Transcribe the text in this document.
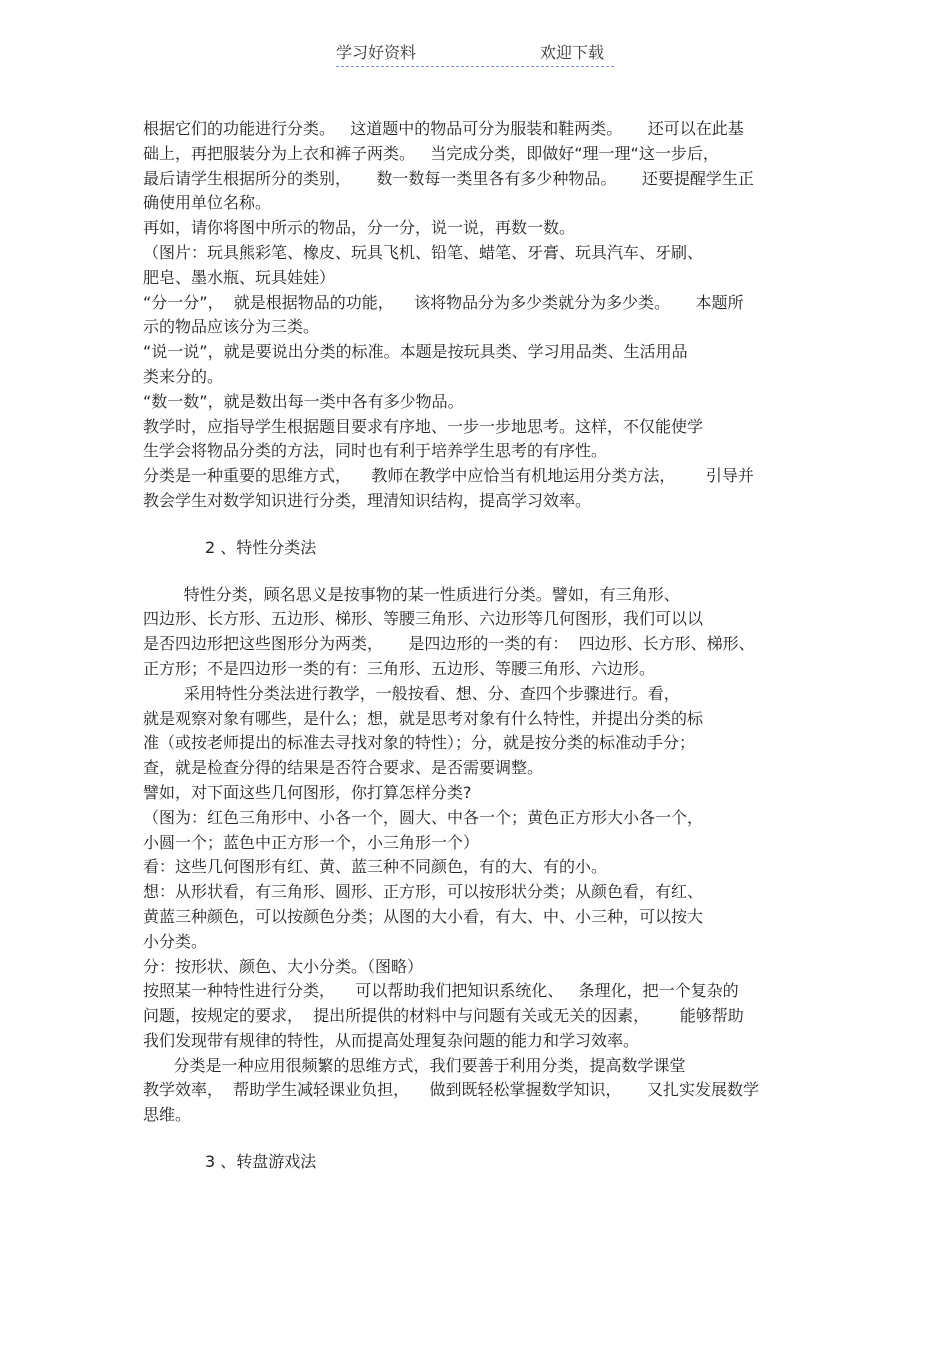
学习好资料	欢迎下载
根据它们的功能进行分类。   这道题中的物品可分为服装和鞋两类。     还可以在此基
础上，再把服装分为上衣和裤子两类。   当完成分类，即做好“理一理“这一步后，
最后请学生根据所分的类别，     数一数每一类里各有多少种物品。     还要提醒学生正
确使用单位名称。
再如，请你将图中所示的物品，分一分，说一说，再数一数。
（图片：玩具熊彩笔、橡皮、玩具飞机、铅笔、蜡笔、牙膏、玩具汽车、牙刷、
肥皂、墨水瓶、玩具娃娃）
“分一分”，  就是根据物品的功能，    该将物品分为多少类就分为多少类。     本题所
示的物品应该分为三类。
“说一说”，就是要说出分类的标准。本题是按玩具类、学习用品类、生活用品
类来分的。
“数一数”，就是数出每一类中各有多少物品。
教学时，应指导学生根据题目要求有序地、一步一步地思考。这样，不仅能使学
生学会将物品分类的方法，同时也有利于培养学生思考的有序性。
分类是一种重要的思维方式，    教师在教学中应恰当有机地运用分类方法，      引导并
教会学生对数学知识进行分类，理清知识结构，提高学习效率。
2 、特性分类法
特性分类，顾名思义是按事物的某一性质进行分类。譬如，有三角形、
四边形、长方形、五边形、梯形、等腰三角形、六边形等几何图形，我们可以以
是否四边形把这些图形分为两类，     是四边形的一类的有：  四边形、长方形、梯形、
正方形；不是四边形一类的有：三角形、五边形、等腰三角形、六边形。
采用特性分类法进行教学，一般按看、想、分、查四个步骤进行。看，
就是观察对象有哪些，是什么；想，就是思考对象有什么特性，并提出分类的标
准（或按老师提出的标准去寻找对象的特性）；分，就是按分类的标准动手分；
查，就是检查分得的结果是否符合要求、是否需要调整。
譬如，对下面这些几何图形，你打算怎样分类?
（图为：红色三角形中、小各一个，圆大、中各一个；黄色正方形大小各一个，
小圆一个；蓝色中正方形一个，小三角形一个）
看：这些几何图形有红、黄、蓝三种不同颜色，有的大、有的小。
想：从形状看，有三角形、圆形、正方形，可以按形状分类；从颜色看，有红、
黄蓝三种颜色，可以按颜色分类；从图的大小看，有大、中、小三种，可以按大
小分类。
分：按形状、颜色、大小分类。（图略）
按照某一种特性进行分类，    可以帮助我们把知识系统化、   条理化，把一个复杂的
问题，按规定的要求，  提出所提供的材料中与问题有关或无关的因素，      能够帮助
我们发现带有规律的特性，从而提高处理复杂问题的能力和学习效率。
分类是一种应用很频繁的思维方式，我们要善于利用分类，提高数学课堂
教学效率，  帮助学生减轻课业负担，    做到既轻松掌握数学知识，     又扎实发展数学
思维。
3 、转盘游戏法
